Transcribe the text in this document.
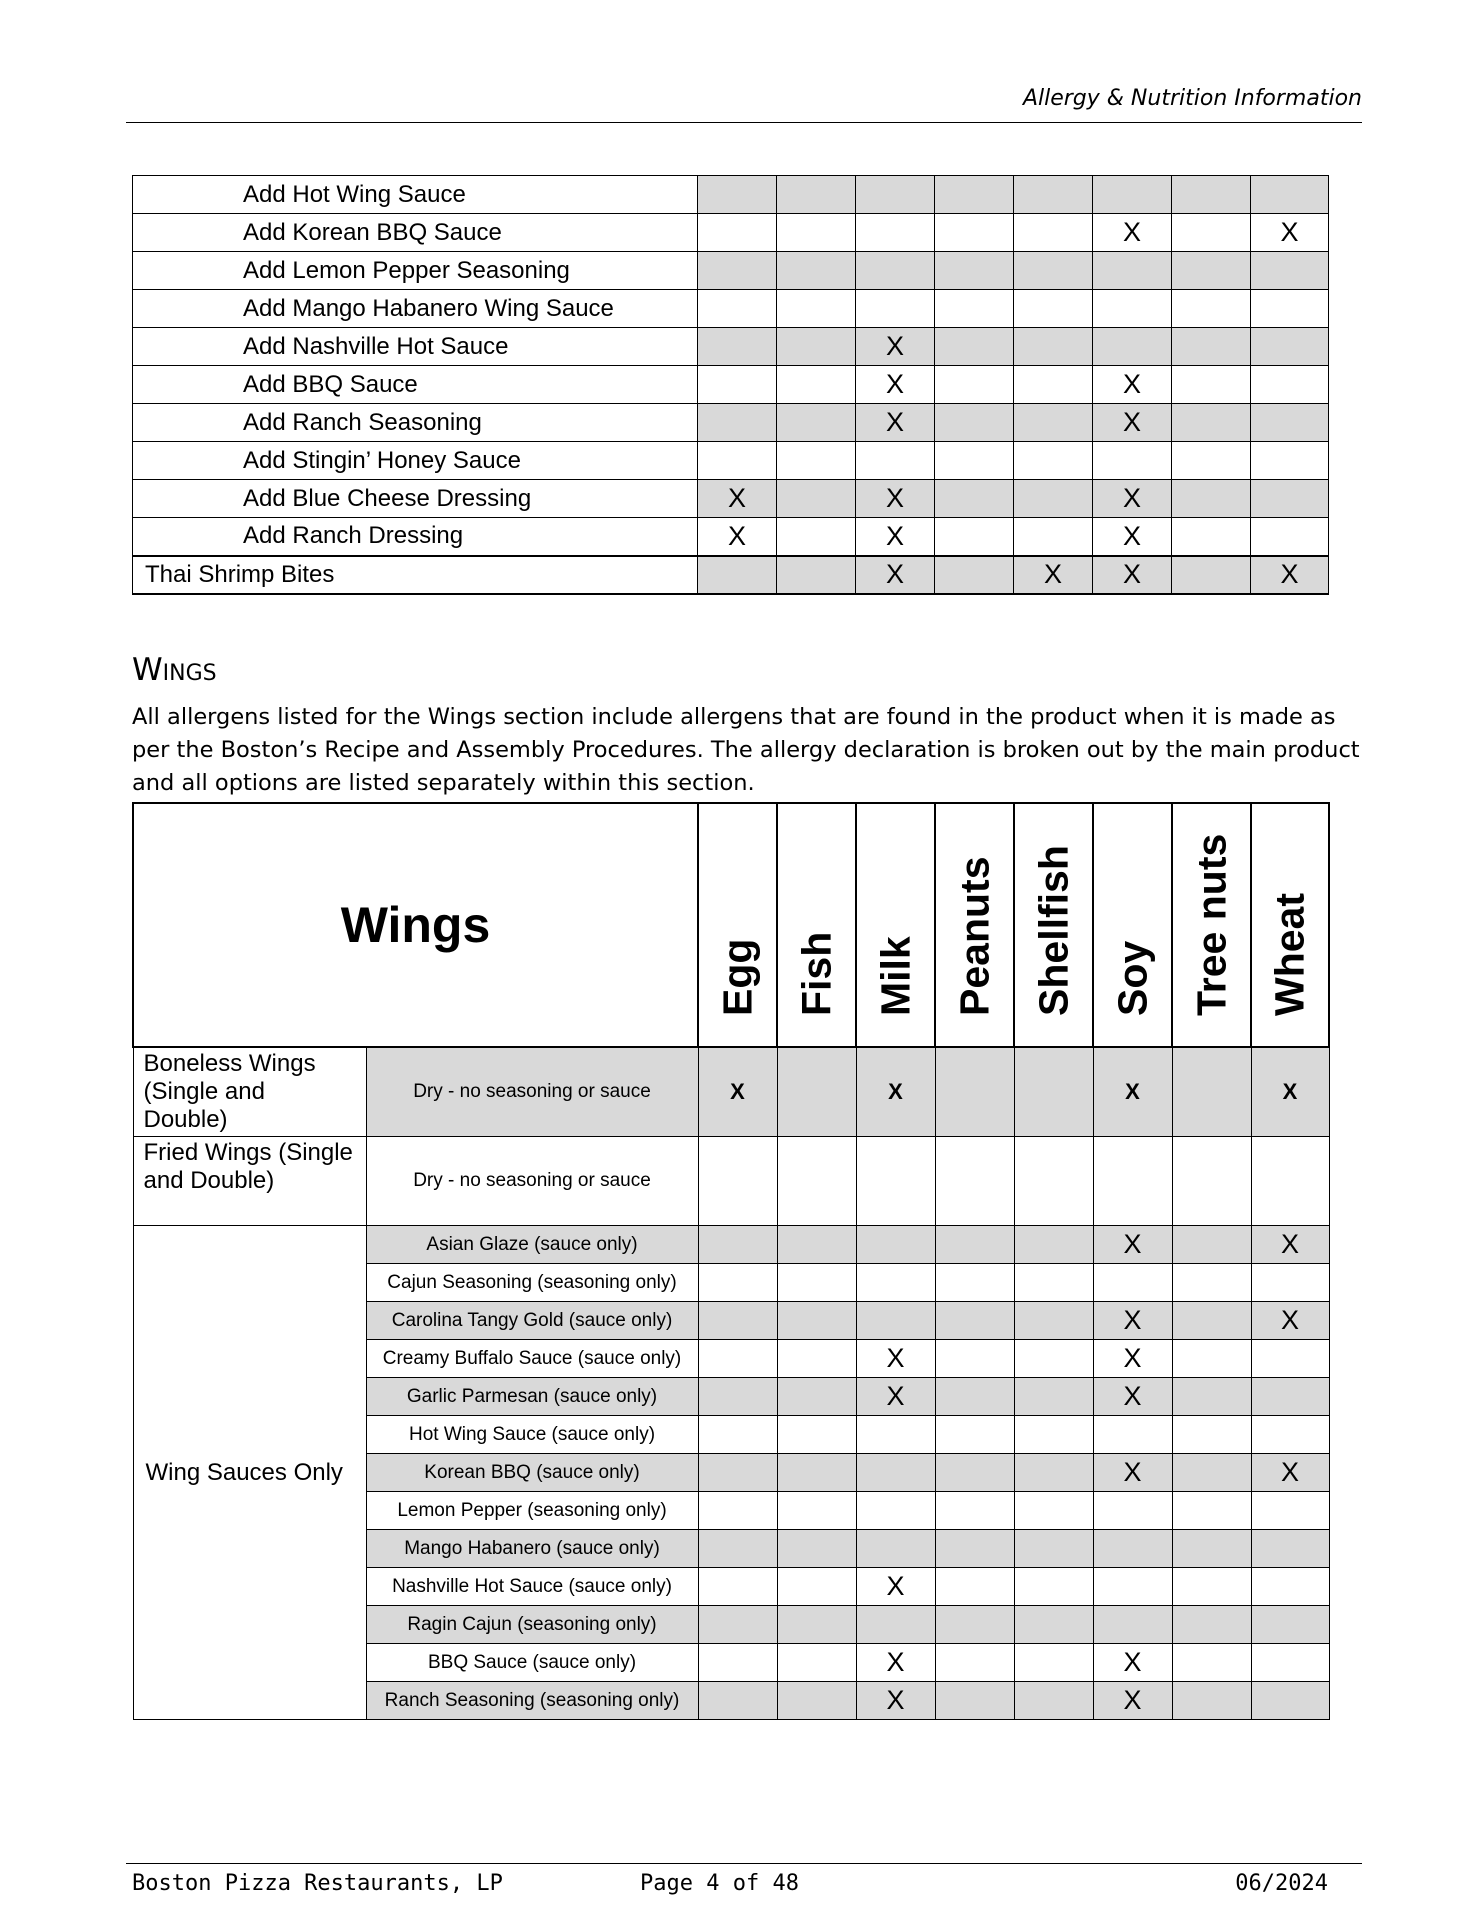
Allergy & Nutrition Information
Add Hot Wing Sauce								
Add Korean BBQ Sauce						X		X
Add Lemon Pepper Seasoning								
Add Mango Habanero Wing Sauce								
Add Nashville Hot Sauce			X					
Add BBQ Sauce			X			X		
Add Ranch Seasoning			X			X		
Add Stingin’ Honey Sauce								
Add Blue Cheese Dressing	X		X			X		
Add Ranch Dressing	X		X			X		
Thai Shrimp Bites			X		X	X		X
Wings
All allergens listed for the Wings section include allergens that are found in the product when it is made as per the Boston’s Recipe and Assembly Procedures. The allergy declaration is broken out by the main product and all options are listed separately within this section.
Wings		Egg	Fish	Milk	Peanuts	Shellfish	Soy	Tree nuts	Wheat

Boneless Wings (Single and Double)	Dry - no seasoning or sauce	X		X			X		X
Fried Wings (Single and Double)	Dry - no seasoning or sauce								
Wing Sauces Only	Asian Glaze (sauce only)						X		X
	Cajun Seasoning (seasoning only)								
	Carolina Tangy Gold (sauce only)						X		X
	Creamy Buffalo Sauce (sauce only)			X			X		
	Garlic Parmesan (sauce only)			X			X		
	Hot Wing Sauce (sauce only)								
	Korean BBQ (sauce only)						X		X
	Lemon Pepper (seasoning only)								
	Mango Habanero (sauce only)								
	Nashville Hot Sauce (sauce only)			X					
	Ragin Cajun (seasoning only)								
	BBQ Sauce (sauce only)			X			X		
	Ranch Seasoning (seasoning only)			X			X		
Boston Pizza Restaurants, LP	Page 4 of 48	06/2024
